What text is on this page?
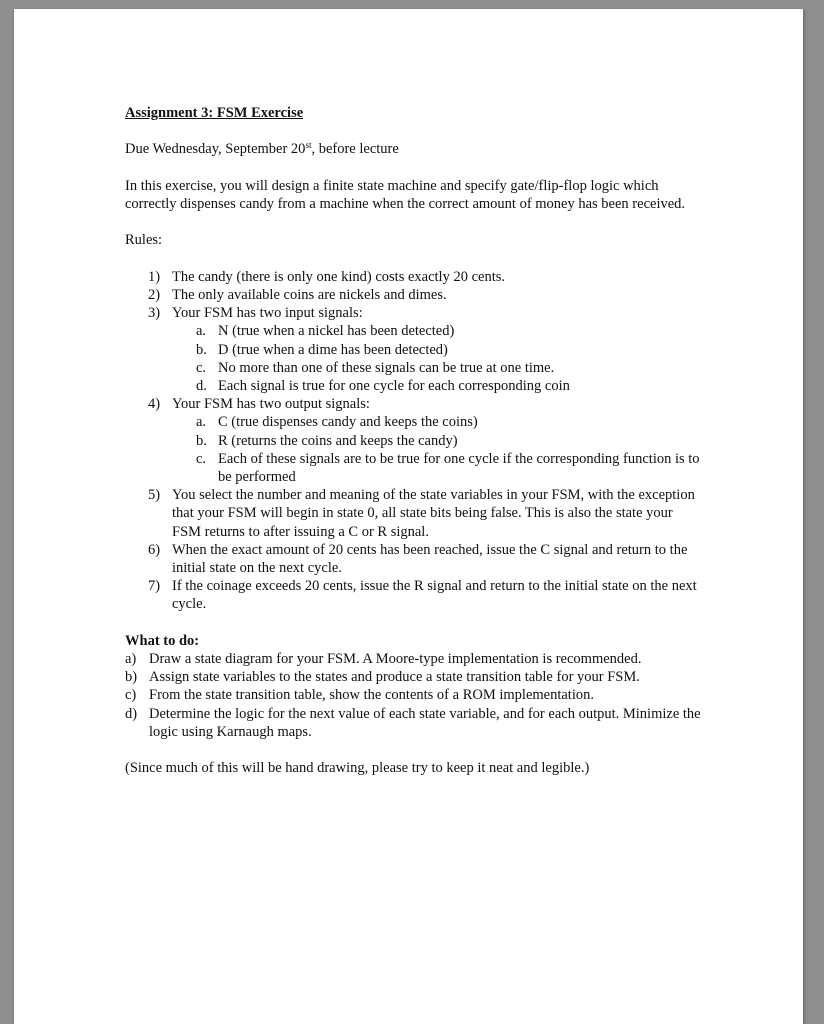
Assignment 3: FSM Exercise

Due Wednesday, September 20st, before lecture

In this exercise, you will design a finite state machine and specify gate/flip-flop logic which correctly dispenses candy from a machine when the correct amount of money has been received.

Rules:

1) The candy (there is only one kind) costs exactly 20 cents.
2) The only available coins are nickels and dimes.
3) Your FSM has two input signals:
a. N (true when a nickel has been detected)
b. D (true when a dime has been detected)
c. No more than one of these signals can be true at one time.
d. Each signal is true for one cycle for each corresponding coin
4) Your FSM has two output signals:
a. C (true dispenses candy and keeps the coins)
b. R (returns the coins and keeps the candy)
c. Each of these signals are to be true for one cycle if the corresponding function is to be performed
5) You select the number and meaning of the state variables in your FSM, with the exception that your FSM will begin in state 0, all state bits being false. This is also the state your FSM returns to after issuing a C or R signal.
6) When the exact amount of 20 cents has been reached, issue the C signal and return to the initial state on the next cycle.
7) If the coinage exceeds 20 cents, issue the R signal and return to the initial state on the next cycle.

What to do:

a) Draw a state diagram for your FSM. A Moore-type implementation is recommended.
b) Assign state variables to the states and produce a state transition table for your FSM.
c) From the state transition table, show the contents of a ROM implementation.
d) Determine the logic for the next value of each state variable, and for each output. Minimize the logic using Karnaugh maps.

(Since much of this will be hand drawing, please try to keep it neat and legible.)
